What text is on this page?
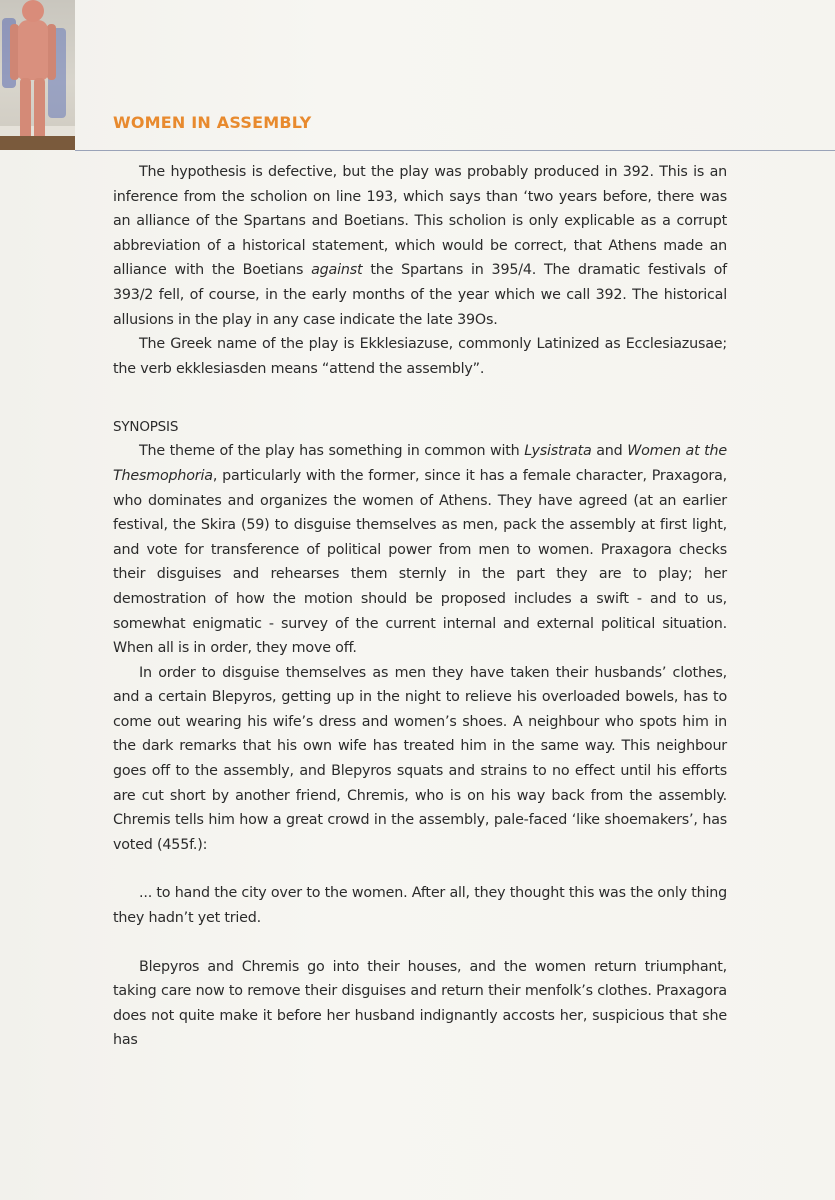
WOMEN IN ASSEMBLY

The hypothesis is defective, but the play was probably produced in 392. This is an inference from the scholion on line 193, which says than ‘two years before, there was an alliance of the Spartans and Boetians. This scholion is only explicable as a corrupt abbreviation of a historical statement, which would be correct, that Athens made an alliance with the Boetians against the Spartans in 395/4. The dramatic festivals of 393/2 fell, of course, in the early months of the year which we call 392. The historical allusions in the play in any case indicate the late 39Os.

The Greek name of the play is Ekklesiazuse, commonly Latinized as Ecclesiazusae; the verb ekklesiasden means “attend the assembly”.

SYNOPSIS

The theme of the play has something in common with Lysistrata and Women at the Thesmophoria, particularly with the former, since it has a female character, Praxagora, who dominates and organizes the women of Athens. They have agreed (at an earlier festival, the Skira (59) to disguise themselves as men, pack the assembly at first light, and vote for transference of political power from men to women. Praxagora checks their disguises and rehearses them sternly in the part they are to play; her demostration of how the motion should be proposed includes a swift - and to us, somewhat enigmatic - survey of the current internal and external political situation. When all is in order, they move off.

In order to disguise themselves as men they have taken their husbands’ clothes, and a certain Blepyros, getting up in the night to relieve his overloaded bowels, has to come out wearing his wife’s dress and women’s shoes. A neighbour who spots him in the dark remarks that his own wife has treated him in the same way. This neighbour goes off to the assembly, and Blepyros squats and strains to no effect until his efforts are cut short by another friend, Chremis, who is on his way back from the assembly. Chremis tells him how a great crowd in the assembly, pale-faced ‘like shoemakers’, has voted (455f.):

... to hand the city over to the women. After all, they thought this was the only thing they hadn’t yet tried.

Blepyros and Chremis go into their houses, and the women return triumphant, taking care now to remove their disguises and return their menfolk’s clothes. Praxagora does not quite make it before her husband indignantly accosts her, suspicious that she has
